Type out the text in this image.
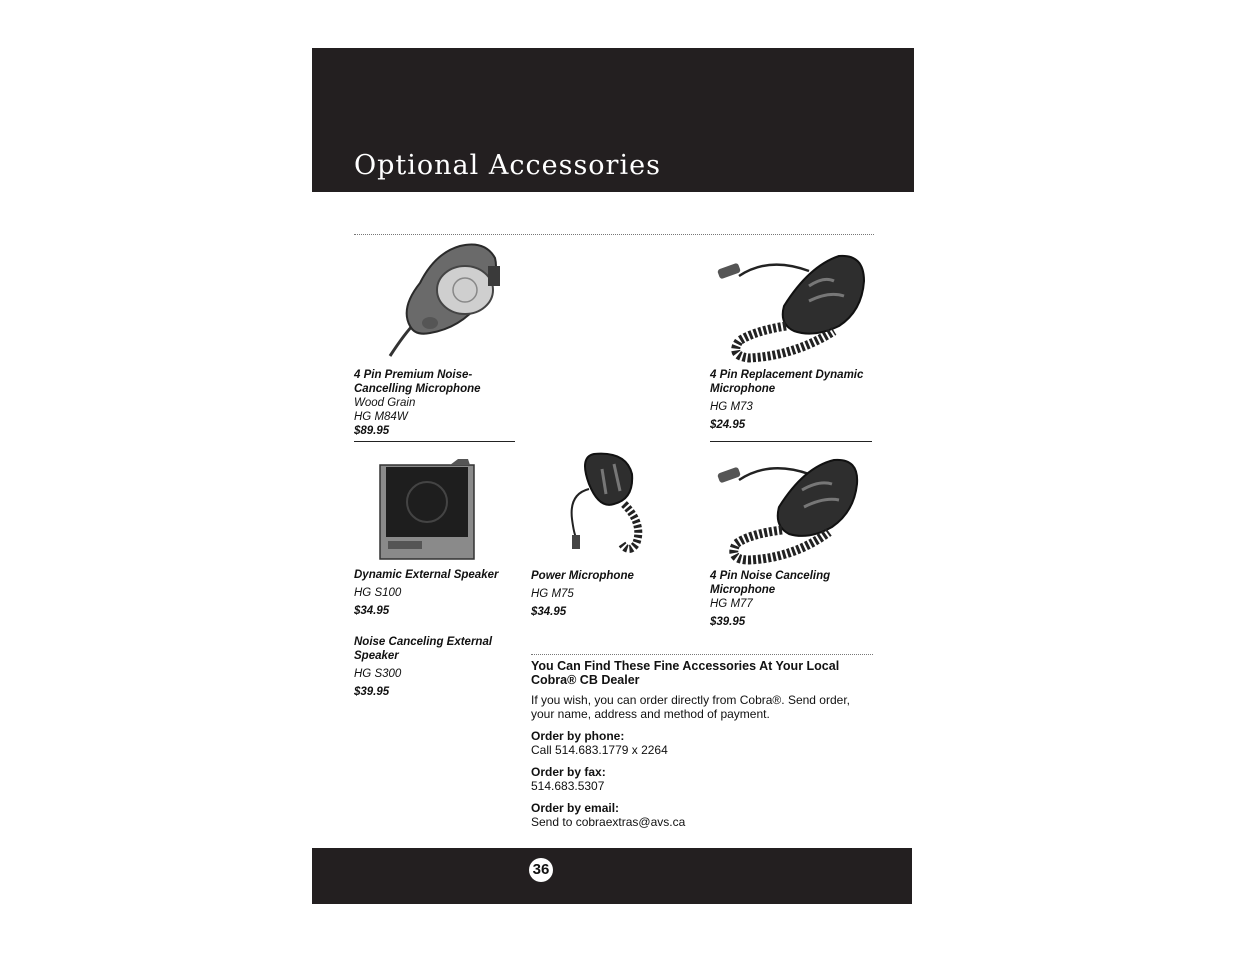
Optional Accessories
4 Pin Premium Noise-Cancelling Microphone
Wood Grain
HG M84W
$89.95
4 Pin Replacement Dynamic Microphone
HG M73
$24.95
Dynamic External Speaker
HG S100
$34.95
Noise Canceling External Speaker
HG S300
$39.95
Power Microphone
HG M75
$34.95
4 Pin Noise Canceling Microphone
HG M77
$39.95
You Can Find These Fine Accessories At Your Local Cobra® CB Dealer
If you wish, you can order directly from Cobra®. Send order, your name, address and method of payment.
Order by phone:
Call 514.683.1779 x 2264
Order by fax:
514.683.5307
Order by email:
Send to cobraextras@avs.ca
36
